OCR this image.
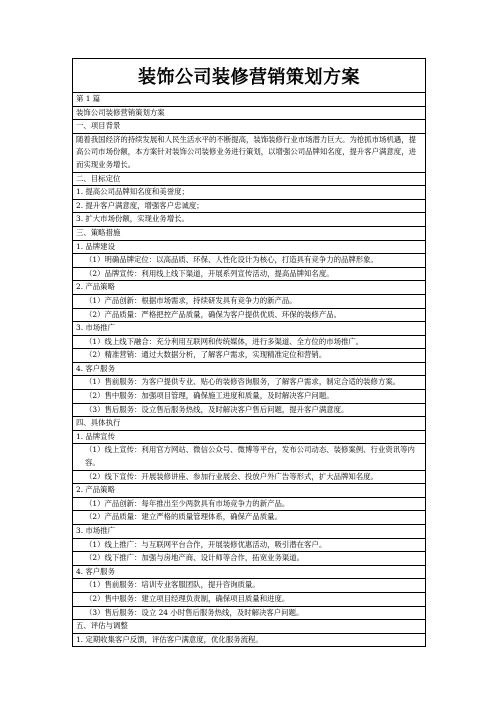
装饰公司装修营销策划方案
第 1 篇
装饰公司装修营销策划方案
一、项目背景
随着我国经济的持续发展和人民生活水平的不断提高，装饰装修行业市场潜力巨大。为抢抓市场机遇，提高公司市场份额，本方案针对装饰公司装修业务进行策划，以增强公司品牌知名度，提升客户满意度，进而实现业务增长。
二、目标定位
1. 提高公司品牌知名度和美誉度；
2. 提升客户满意度，增强客户忠诚度；
3. 扩大市场份额，实现业务增长。
三、策略措施
1. 品牌建设
（1）明确品牌定位：以高品质、环保、人性化设计为核心，打造具有竞争力的品牌形象。
（2）品牌宣传：利用线上线下渠道，开展系列宣传活动，提高品牌知名度。
2. 产品策略
（1）产品创新：根据市场需求，持续研发具有竞争力的新产品。
（2）产品质量：严格把控产品质量，确保为客户提供优质、环保的装修产品。
3. 市场推广
（1）线上线下融合：充分利用互联网和传统媒体，进行多渠道、全方位的市场推广。
（2）精准营销：通过大数据分析，了解客户需求，实现精准定位和营销。
4. 客户服务
（1）售前服务：为客户提供专业、贴心的装修咨询服务，了解客户需求，制定合适的装修方案。
（2）售中服务：加强项目管理，确保施工进度和质量，及时解决客户问题。
（3）售后服务：设立售后服务热线，及时解决客户售后问题，提升客户满意度。
四、具体执行
1. 品牌宣传
（1）线上宣传：利用官方网站、微信公众号、微博等平台，发布公司动态、装修案例、行业资讯等内容。
（2）线下宣传：开展装修讲座、参加行业展会、投放户外广告等形式，扩大品牌知名度。
2. 产品策略
（1）产品创新：每年推出至少两款具有市场竞争力的新产品。
（2）产品质量：建立严格的质量管理体系，确保产品质量。
3. 市场推广
（1）线上推广：与互联网平台合作，开展装修优惠活动，吸引潜在客户。
（2）线下推广：加强与房地产商、设计师等合作，拓宽业务渠道。
4. 客户服务
（1）售前服务：培训专业客服团队，提升咨询质量。
（2）售中服务：建立项目经理负责制，确保项目质量和进度。
（3）售后服务：设立 24 小时售后服务热线，及时解决客户问题。
五、评估与调整
1. 定期收集客户反馈，评估客户满意度，优化服务流程。
